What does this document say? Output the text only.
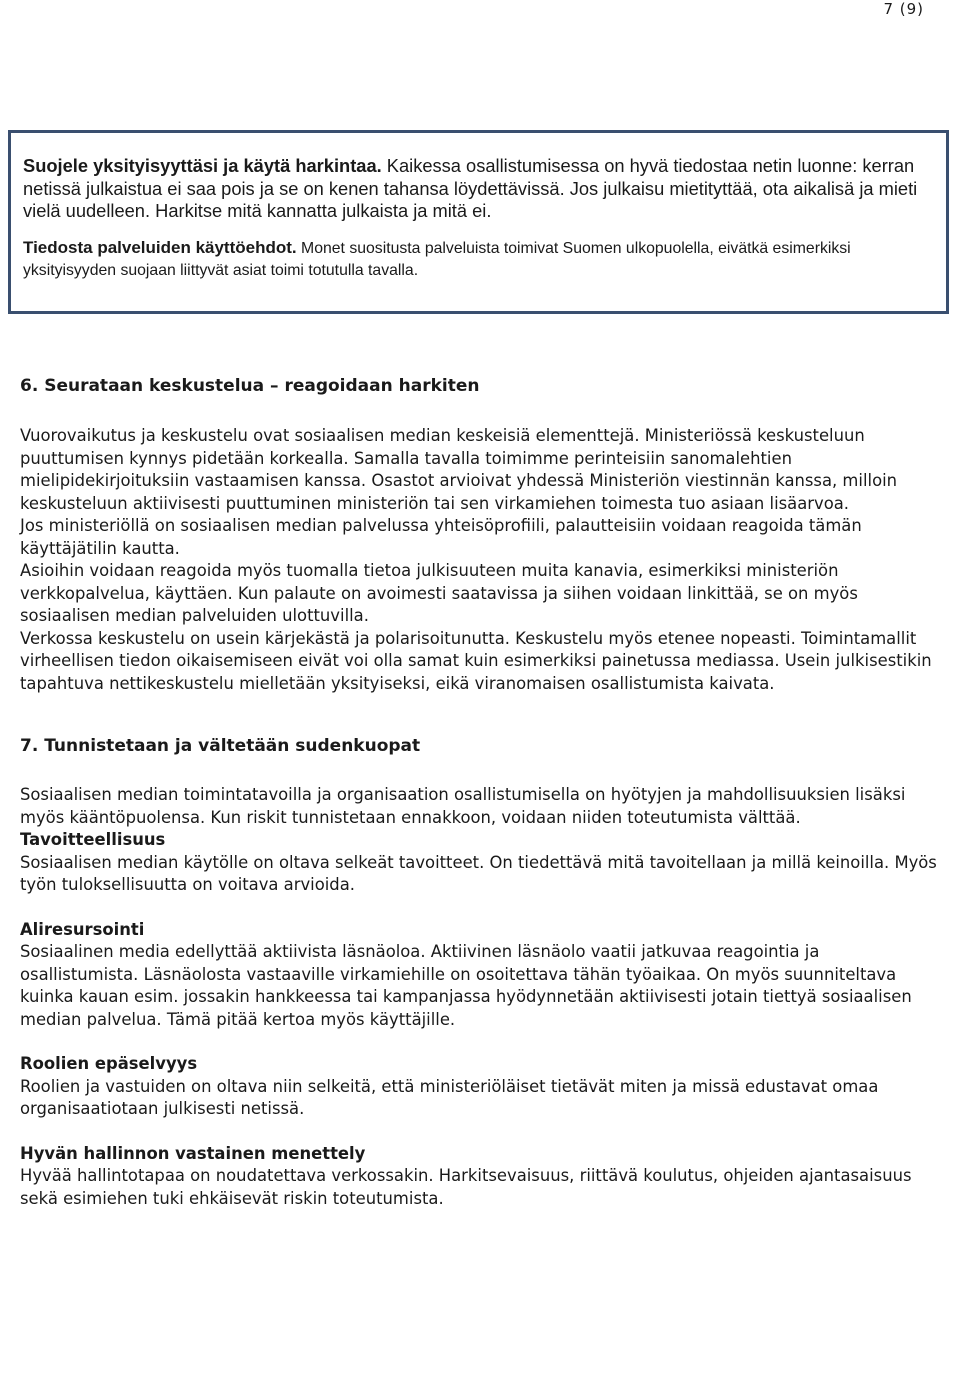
7 (9)

Suojele yksityisyyttäsi ja käytä harkintaa. Kaikessa osallistumisessa on hyvä tiedostaa netin luonne: kerran netissä julkaistua ei saa pois ja se on kenen tahansa löydettävissä. Jos julkaisu mietityttää, ota aikalisä ja mieti vielä uudelleen. Harkitse mitä kannatta julkaista ja mitä ei.

Tiedosta palveluiden käyttöehdot. Monet suositusta palveluista toimivat Suomen ulkopuolella, eivätkä esimerkiksi yksityisyyden suojaan liittyvät asiat toimi totutulla tavalla.

6. Seurataan keskustelua – reagoidaan harkiten

Vuorovaikutus ja keskustelu ovat sosiaalisen median keskeisiä elementtejä. Ministeriössä keskusteluun puuttumisen kynnys pidetään korkealla. Samalla tavalla toimimme perinteisiin sanomalehtien mielipidekirjoituksiin vastaamisen kanssa. Osastot arvioivat yhdessä Ministeriön viestinnän kanssa, milloin keskusteluun aktiivisesti puuttuminen ministeriön tai sen virkamiehen toimesta tuo asiaan lisäarvoa.

Jos ministeriöllä on sosiaalisen median palvelussa yhteisöprofiili, palautteisiin voidaan reagoida tämän käyttäjätilin kautta.

Asioihin voidaan reagoida myös tuomalla tietoa julkisuuteen muita kanavia, esimerkiksi ministeriön verkkopalvelua, käyttäen. Kun palaute on avoimesti saatavissa ja siihen voidaan linkittää, se on myös sosiaalisen median palveluiden ulottuvilla.

Verkossa keskustelu on usein kärjekästä ja polarisoitunutta. Keskustelu myös etenee nopeasti. Toimintamallit virheellisen tiedon oikaisemiseen eivät voi olla samat kuin esimerkiksi painetussa mediassa. Usein julkisestikin tapahtuva nettikeskustelu mielletään yksityiseksi, eikä viranomaisen osallistumista kaivata.

7. Tunnistetaan ja vältetään sudenkuopat

Sosiaalisen median toimintatavoilla ja organisaation osallistumisella on hyötyjen ja mahdollisuuksien lisäksi myös kääntöpuolensa. Kun riskit tunnistetaan ennakkoon, voidaan niiden toteutumista välttää.

Tavoitteellisuus

Sosiaalisen median käytölle on oltava selkeät tavoitteet. On tiedettävä mitä tavoitellaan ja millä keinoilla. Myös työn tuloksellisuutta on voitava arvioida.

Aliresursointi

Sosiaalinen media edellyttää aktiivista läsnäoloa. Aktiivinen läsnäolo vaatii jatkuvaa reagointia ja osallistumista. Läsnäolosta vastaaville virkamiehille on osoitettava tähän työaikaa. On myös suunniteltava kuinka kauan esim. jossakin hankkeessa tai kampanjassa hyödynnetään aktiivisesti jotain tiettyä sosiaalisen median palvelua. Tämä pitää kertoa myös käyttäjille.

Roolien epäselvyys

Roolien ja vastuiden on oltava niin selkeitä, että ministeriöläiset tietävät miten ja missä edustavat omaa organisaatiotaan julkisesti netissä.

Hyvän hallinnon vastainen menettely

Hyvää hallintotapaa on noudatettava verkossakin. Harkitsevaisuus, riittävä koulutus, ohjeiden ajantasaisuus sekä esimiehen tuki ehkäisevät riskin toteutumista.
